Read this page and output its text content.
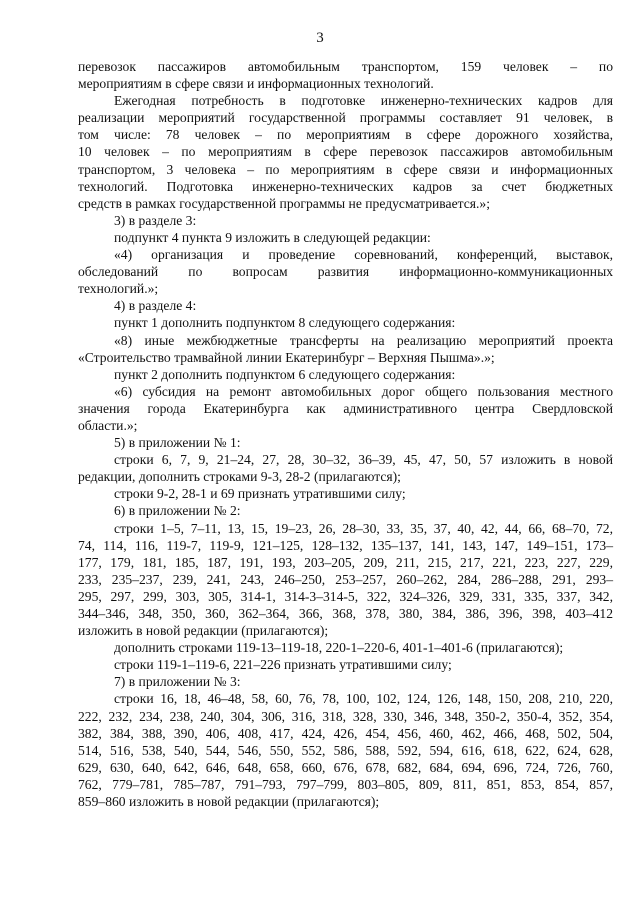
3
перевозок пассажиров автомобильным транспортом, 159 человек – по
мероприятиям в сфере связи и информационных технологий.
Ежегодная потребность в подготовке инженерно-технических кадров для
реализации мероприятий государственной программы составляет 91 человек, в
том числе: 78 человек – по мероприятиям в сфере дорожного хозяйства,
10 человек – по мероприятиям в сфере перевозок пассажиров автомобильным
транспортом, 3 человека – по мероприятиям в сфере связи и информационных
технологий. Подготовка инженерно-технических кадров за счет бюджетных
средств в рамках государственной программы не предусматривается.»;
3) в разделе 3:
подпункт 4 пункта 9 изложить в следующей редакции:
«4) организация и проведение соревнований, конференций, выставок,
обследований по вопросам развития информационно-коммуникационных
технологий.»;
4) в разделе 4:
пункт 1 дополнить подпунктом 8 следующего содержания:
«8) иные межбюджетные трансферты на реализацию мероприятий проекта
«Строительство трамвайной линии Екатеринбург – Верхняя Пышма».»;
пункт 2 дополнить подпунктом 6 следующего содержания:
«6) субсидия на ремонт автомобильных дорог общего пользования местного
значения города Екатеринбурга как административного центра Свердловской
области.»;
5) в приложении № 1:
строки 6, 7, 9, 21–24, 27, 28, 30–32, 36–39, 45, 47, 50, 57 изложить в новой
редакции, дополнить строками 9-3, 28-2 (прилагаются);
строки 9-2, 28-1 и 69 признать утратившими силу;
6) в приложении № 2:
строки 1–5, 7–11, 13, 15, 19–23, 26, 28–30, 33, 35, 37, 40, 42, 44, 66, 68–70, 72,
74, 114, 116, 119-7, 119-9, 121–125, 128–132, 135–137, 141, 143, 147, 149–151, 173–
177, 179, 181, 185, 187, 191, 193, 203–205, 209, 211, 215, 217, 221, 223, 227, 229,
233, 235–237, 239, 241, 243, 246–250, 253–257, 260–262, 284, 286–288, 291, 293–
295, 297, 299, 303, 305, 314-1, 314-3–314-5, 322, 324–326, 329, 331, 335, 337, 342,
344–346, 348, 350, 360, 362–364, 366, 368, 378, 380, 384, 386, 396, 398, 403–412
изложить в новой редакции (прилагаются);
дополнить строками 119-13–119-18, 220-1–220-6, 401-1–401-6 (прилагаются);
строки 119-1–119-6, 221–226 признать утратившими силу;
7) в приложении № 3:
строки 16, 18, 46–48, 58, 60, 76, 78, 100, 102, 124, 126, 148, 150, 208, 210, 220,
222, 232, 234, 238, 240, 304, 306, 316, 318, 328, 330, 346, 348, 350-2, 350-4, 352, 354,
382, 384, 388, 390, 406, 408, 417, 424, 426, 454, 456, 460, 462, 466, 468, 502, 504,
514, 516, 538, 540, 544, 546, 550, 552, 586, 588, 592, 594, 616, 618, 622, 624, 628,
629, 630, 640, 642, 646, 648, 658, 660, 676, 678, 682, 684, 694, 696, 724, 726, 760,
762, 779–781, 785–787, 791–793, 797–799, 803–805, 809, 811, 851, 853, 854, 857,
859–860 изложить в новой редакции (прилагаются);
